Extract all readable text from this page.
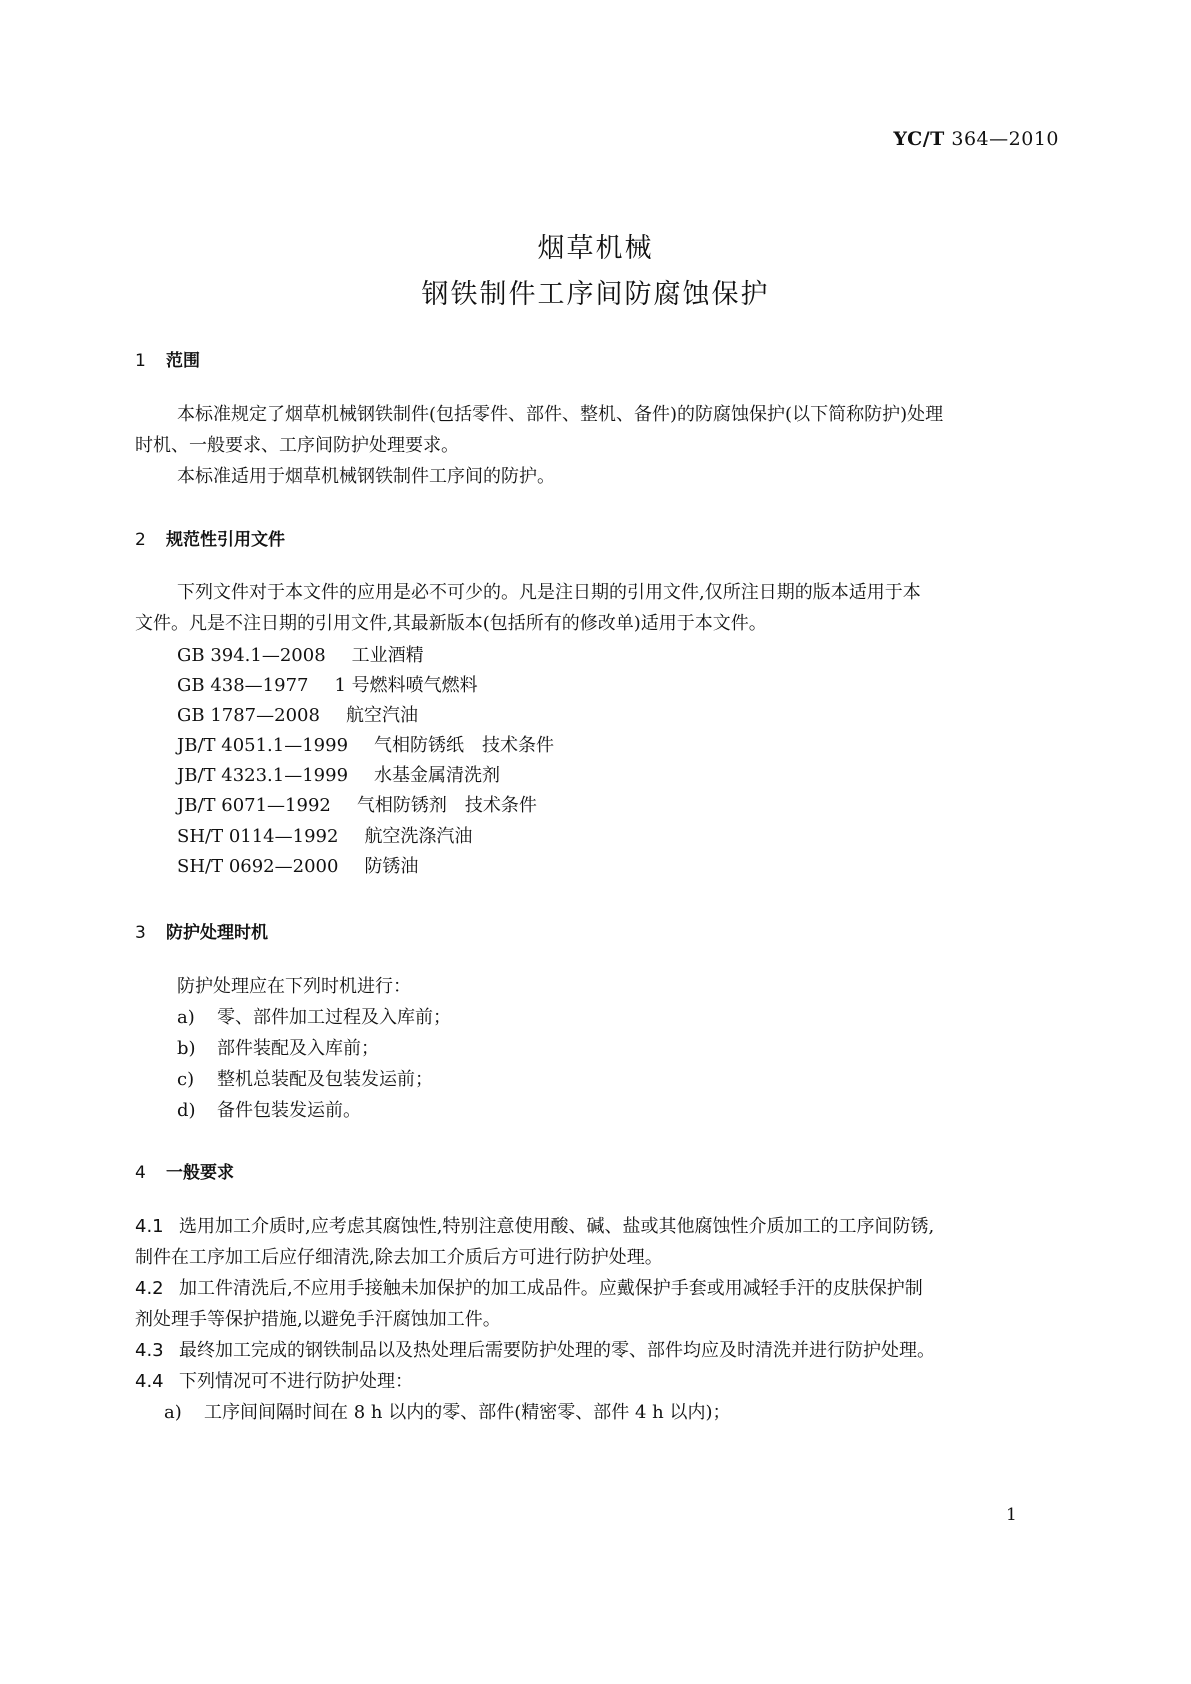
YC/T 364—2010
烟草机械
钢铁制件工序间防腐蚀保护
1 范围
本标准规定了烟草机械钢铁制件(包括零件、部件、整机、备件)的防腐蚀保护(以下简称防护)处理
时机、一般要求、工序间防护处理要求。
本标准适用于烟草机械钢铁制件工序间的防护。
2 规范性引用文件
下列文件对于本文件的应用是必不可少的。凡是注日期的引用文件,仅所注日期的版本适用于本
文件。凡是不注日期的引用文件,其最新版本(包括所有的修改单)适用于本文件。
GB 394.1—2008 工业酒精
GB 438—1977 1 号燃料喷气燃料
GB 1787—2008 航空汽油
JB/T 4051.1—1999 气相防锈纸　技术条件
JB/T 4323.1—1999 水基金属清洗剂
JB/T 6071—1992 气相防锈剂　技术条件
SH/T 0114—1992 航空洗涤汽油
SH/T 0692—2000 防锈油
3 防护处理时机
防护处理应在下列时机进行：
a) 零、部件加工过程及入库前；
b) 部件装配及入库前；
c) 整机总装配及包装发运前；
d) 备件包装发运前。
4 一般要求
4.1 选用加工介质时,应考虑其腐蚀性,特别注意使用酸、碱、盐或其他腐蚀性介质加工的工序间防锈,
制件在工序加工后应仔细清洗,除去加工介质后方可进行防护处理。
4.2 加工件清洗后,不应用手接触未加保护的加工成品件。应戴保护手套或用减轻手汗的皮肤保护制
剂处理手等保护措施,以避免手汗腐蚀加工件。
4.3 最终加工完成的钢铁制品以及热处理后需要防护处理的零、部件均应及时清洗并进行防护处理。
4.4 下列情况可不进行防护处理：
a) 工序间间隔时间在 8 h 以内的零、部件(精密零、部件 4 h 以内)；
1
